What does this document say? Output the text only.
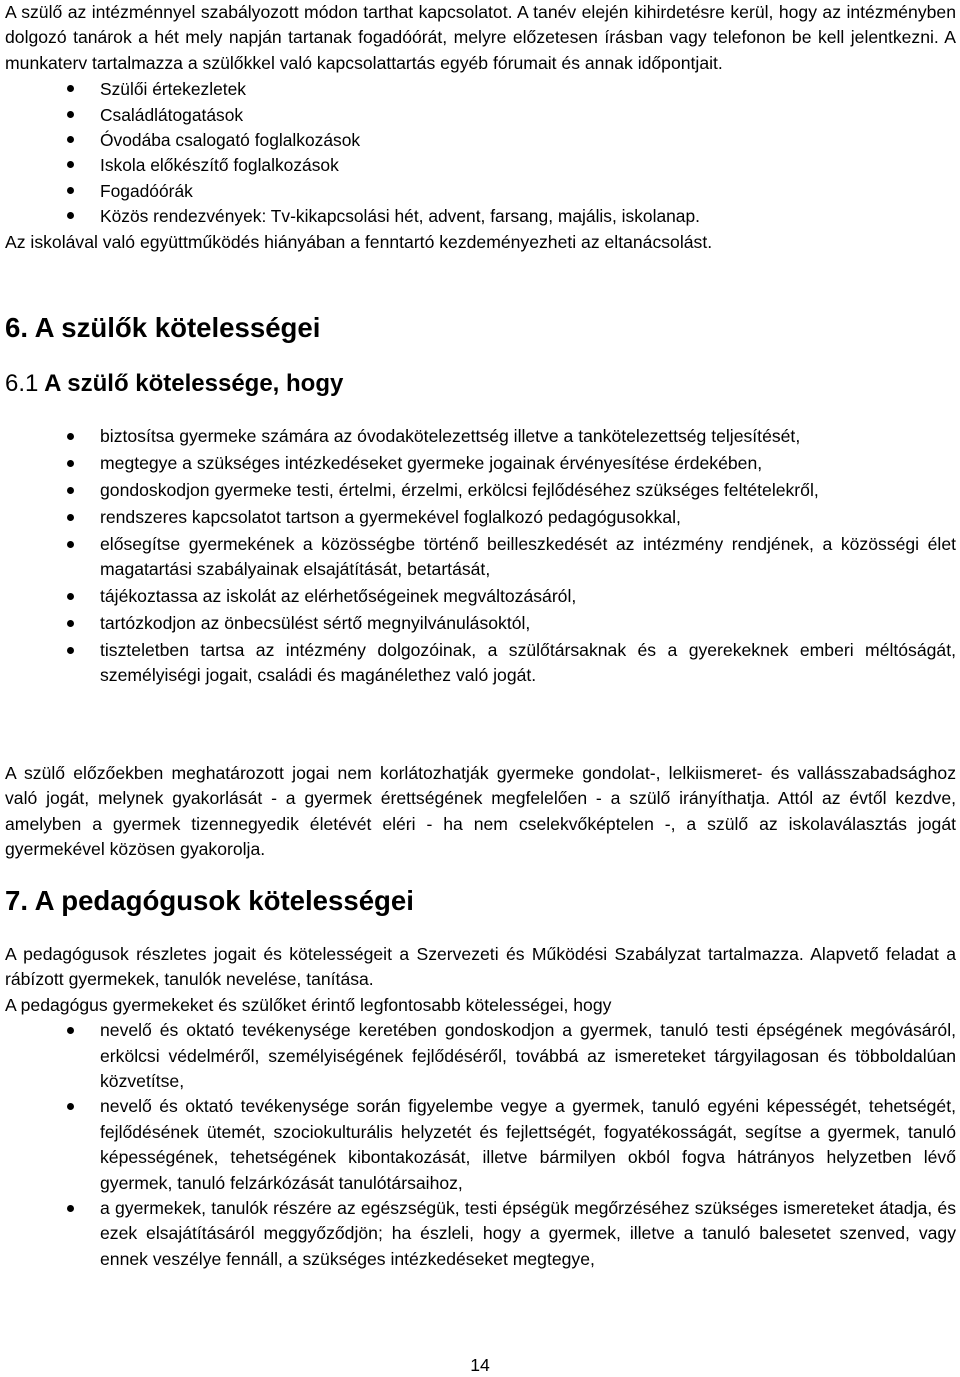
A szülő az intézménnyel szabályozott módon tarthat kapcsolatot. A tanév elején kihirdetésre kerül, hogy az intézményben dolgozó tanárok a hét mely napján tartanak fogadóórát, melyre előzetesen írásban vagy telefonon be kell jelentkezni. A munkaterv tartalmazza a szülőkkel való kapcsolattartás egyéb fórumait és annak időpontjait.

Szülői értekezletek
Családlátogatások
Óvodába csalogató foglalkozások
Iskola előkészítő foglalkozások
Fogadóórák
Közös rendezvények: Tv-kikapcsolási hét, advent, farsang, majális, iskolanap.

Az iskolával való együttműködés hiányában a fenntartó kezdeményezheti az eltanácsolást.

6. A szülők kötelességei
6.1 A szülő kötelessége, hogy
biztosítsa gyermeke számára az óvodakötelezettség illetve a tankötelezettség teljesítését,
megtegye a szükséges intézkedéseket gyermeke jogainak érvényesítése érdekében,
gondoskodjon gyermeke testi, értelmi, érzelmi, erkölcsi fejlődéséhez szükséges feltételekről,
rendszeres kapcsolatot tartson a gyermekével foglalkozó pedagógusokkal,
elősegítse gyermekének a közösségbe történő beilleszkedését az intézmény rendjének, a közösségi élet magatartási szabályainak elsajátítását, betartását,
tájékoztassa az iskolát az elérhetőségeinek megváltozásáról,
tartózkodjon az önbecsülést sértő megnyilvánulásoktól,
tiszteletben tartsa az intézmény dolgozóinak, a szülőtársaknak és a gyerekeknek emberi méltóságát, személyiségi jogait, családi és magánélethez való jogát.

A szülő előzőekben meghatározott jogai nem korlátozhatják gyermeke gondolat-, lelkiismeret- és vallásszabadsághoz való jogát, melynek gyakorlását - a gyermek érettségének megfelelően - a szülő irányíthatja. Attól az évtől kezdve, amelyben a gyermek tizennegyedik életévét eléri - ha nem cselekvőképtelen -, a szülő az iskolaválasztás jogát gyermekével közösen gyakorolja.

7. A pedagógusok kötelességei

A pedagógusok részletes jogait és kötelességeit a Szervezeti és Működési Szabályzat tartalmazza. Alapvető feladat a rábízott gyermekek, tanulók nevelése, tanítása.

A pedagógus gyermekeket és szülőket érintő legfontosabb kötelességei, hogy

nevelő és oktató tevékenysége keretében gondoskodjon a gyermek, tanuló testi épségének megóvásáról, erkölcsi védelméről, személyiségének fejlődéséről, továbbá az ismereteket tárgyilagosan és többoldalúan közvetítse,
nevelő és oktató tevékenysége során figyelembe vegye a gyermek, tanuló egyéni képességét, tehetségét, fejlődésének ütemét, szociokulturális helyzetét és fejlettségét, fogyatékosságát, segítse a gyermek, tanuló képességének, tehetségének kibontakozását, illetve bármilyen okból fogva hátrányos helyzetben lévő gyermek, tanuló felzárkózását tanulótársaihoz,
a gyermekek, tanulók részére az egészségük, testi épségük megőrzéséhez szükséges ismereteket átadja, és ezek elsajátításáról meggyőződjön; ha észleli, hogy a gyermek, illetve a tanuló balesetet szenved, vagy ennek veszélye fennáll, a szükséges intézkedéseket megtegye,
14
